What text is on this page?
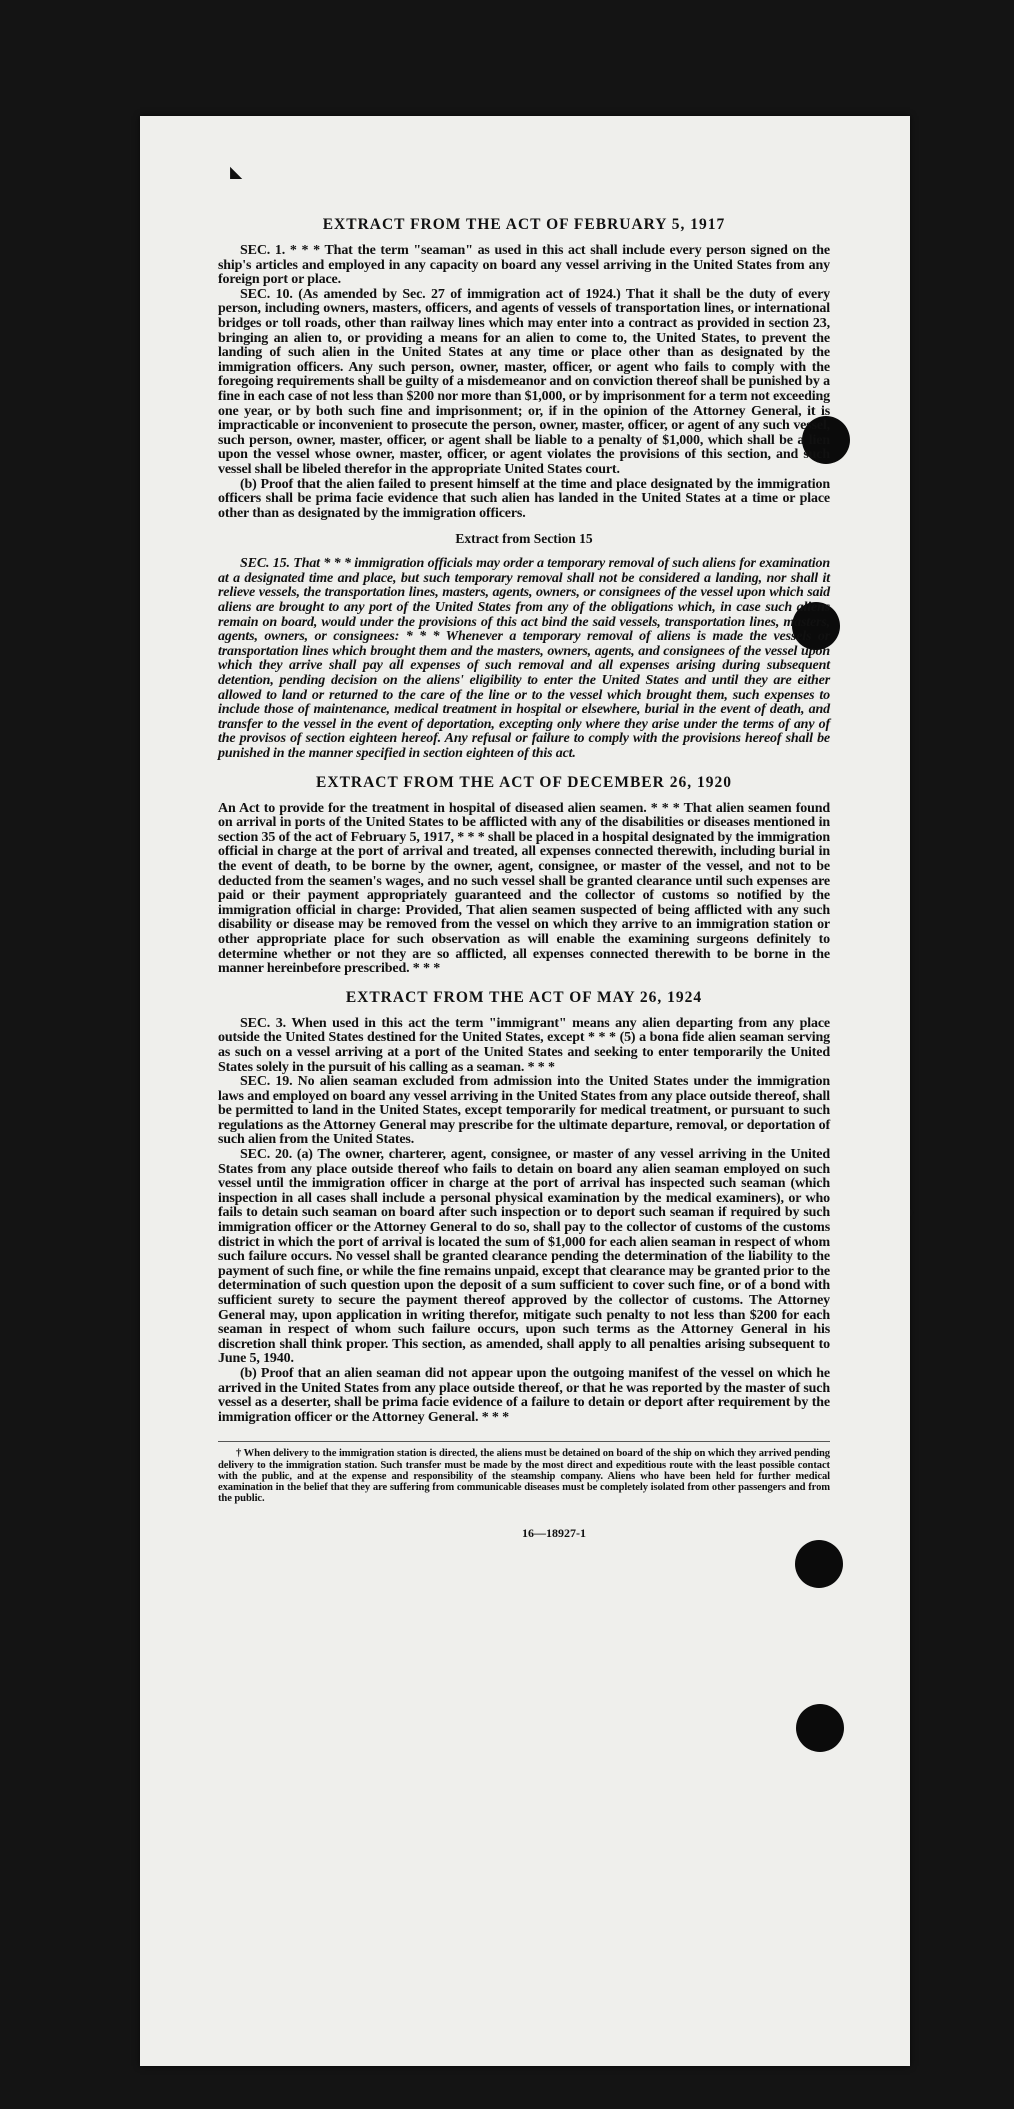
◣
◗
EXTRACT FROM THE ACT OF FEBRUARY 5, 1917

SEC. 1. * * * That the term "seaman" as used in this act shall include every person signed on the ship's articles and employed in any capacity on board any vessel arriving in the United States from any foreign port or place.

SEC. 10. (As amended by Sec. 27 of immigration act of 1924.) That it shall be the duty of every person, including owners, masters, officers, and agents of vessels of transportation lines, or international bridges or toll roads, other than railway lines which may enter into a contract as provided in section 23, bringing an alien to, or providing a means for an alien to come to, the United States, to prevent the landing of such alien in the United States at any time or place other than as designated by the immigration officers. Any such person, owner, master, officer, or agent who fails to comply with the foregoing requirements shall be guilty of a misdemeanor and on conviction thereof shall be punished by a fine in each case of not less than $200 nor more than $1,000, or by imprisonment for a term not exceeding one year, or by both such fine and imprisonment; or, if in the opinion of the Attorney General, it is impracticable or inconvenient to prosecute the person, owner, master, officer, or agent of any such vessel, such person, owner, master, officer, or agent shall be liable to a penalty of $1,000, which shall be a lien upon the vessel whose owner, master, officer, or agent violates the provisions of this section, and such vessel shall be libeled therefor in the appropriate United States court.

(b) Proof that the alien failed to present himself at the time and place designated by the immigration officers shall be prima facie evidence that such alien has landed in the United States at a time or place other than as designated by the immigration officers.

Extract from Section 15

SEC. 15. That * * * immigration officials may order a temporary removal of such aliens for examination at a designated time and place, but such temporary removal shall not be considered a landing, nor shall it relieve vessels, the transportation lines, masters, agents, owners, or consignees of the vessel upon which said aliens are brought to any port of the United States from any of the obligations which, in case such aliens remain on board, would under the provisions of this act bind the said vessels, transportation lines, masters, agents, owners, or consignees: * * * Whenever a temporary removal of aliens is made the vessels or transportation lines which brought them and the masters, owners, agents, and consignees of the vessel upon which they arrive shall pay all expenses of such removal and all expenses arising during subsequent detention, pending decision on the aliens' eligibility to enter the United States and until they are either allowed to land or returned to the care of the line or to the vessel which brought them, such expenses to include those of maintenance, medical treatment in hospital or elsewhere, burial in the event of death, and transfer to the vessel in the event of deportation, excepting only where they arise under the terms of any of the provisos of section eighteen hereof. Any refusal or failure to comply with the provisions hereof shall be punished in the manner specified in section eighteen of this act.

EXTRACT FROM THE ACT OF DECEMBER 26, 1920

An Act to provide for the treatment in hospital of diseased alien seamen. * * * That alien seamen found on arrival in ports of the United States to be afflicted with any of the disabilities or diseases mentioned in section 35 of the act of February 5, 1917, * * * shall be placed in a hospital designated by the immigration official in charge at the port of arrival and treated, all expenses connected therewith, including burial in the event of death, to be borne by the owner, agent, consignee, or master of the vessel, and not to be deducted from the seamen's wages, and no such vessel shall be granted clearance until such expenses are paid or their payment appropriately guaranteed and the collector of customs so notified by the immigration official in charge: Provided, That alien seamen suspected of being afflicted with any such disability or disease may be removed from the vessel on which they arrive to an immigration station or other appropriate place for such observation as will enable the examining surgeons definitely to determine whether or not they are so afflicted, all expenses connected therewith to be borne in the manner hereinbefore prescribed. * * *

EXTRACT FROM THE ACT OF MAY 26, 1924

SEC. 3. When used in this act the term "immigrant" means any alien departing from any place outside the United States destined for the United States, except * * * (5) a bona fide alien seaman serving as such on a vessel arriving at a port of the United States and seeking to enter temporarily the United States solely in the pursuit of his calling as a seaman. * * *

SEC. 19. No alien seaman excluded from admission into the United States under the immigration laws and employed on board any vessel arriving in the United States from any place outside thereof, shall be permitted to land in the United States, except temporarily for medical treatment, or pursuant to such regulations as the Attorney General may prescribe for the ultimate departure, removal, or deportation of such alien from the United States.

SEC. 20. (a) The owner, charterer, agent, consignee, or master of any vessel arriving in the United States from any place outside thereof who fails to detain on board any alien seaman employed on such vessel until the immigration officer in charge at the port of arrival has inspected such seaman (which inspection in all cases shall include a personal physical examination by the medical examiners), or who fails to detain such seaman on board after such inspection or to deport such seaman if required by such immigration officer or the Attorney General to do so, shall pay to the collector of customs of the customs district in which the port of arrival is located the sum of $1,000 for each alien seaman in respect of whom such failure occurs. No vessel shall be granted clearance pending the determination of the liability to the payment of such fine, or while the fine remains unpaid, except that clearance may be granted prior to the determination of such question upon the deposit of a sum sufficient to cover such fine, or of a bond with sufficient surety to secure the payment thereof approved by the collector of customs. The Attorney General may, upon application in writing therefor, mitigate such penalty to not less than $200 for each seaman in respect of whom such failure occurs, upon such terms as the Attorney General in his discretion shall think proper. This section, as amended, shall apply to all penalties arising subsequent to June 5, 1940.

(b) Proof that an alien seaman did not appear upon the outgoing manifest of the vessel on which he arrived in the United States from any place outside thereof, or that he was reported by the master of such vessel as a deserter, shall be prima facie evidence of a failure to detain or deport after requirement by the immigration officer or the Attorney General. * * *

† When delivery to the immigration station is directed, the aliens must be detained on board of the ship on which they arrived pending delivery to the immigration station. Such transfer must be made by the most direct and expeditious route with the least possible contact with the public, and at the expense and responsibility of the steamship company. Aliens who have been held for further medical examination in the belief that they are suffering from communicable diseases must be completely isolated from other passengers and from the public.
16—18927-1
